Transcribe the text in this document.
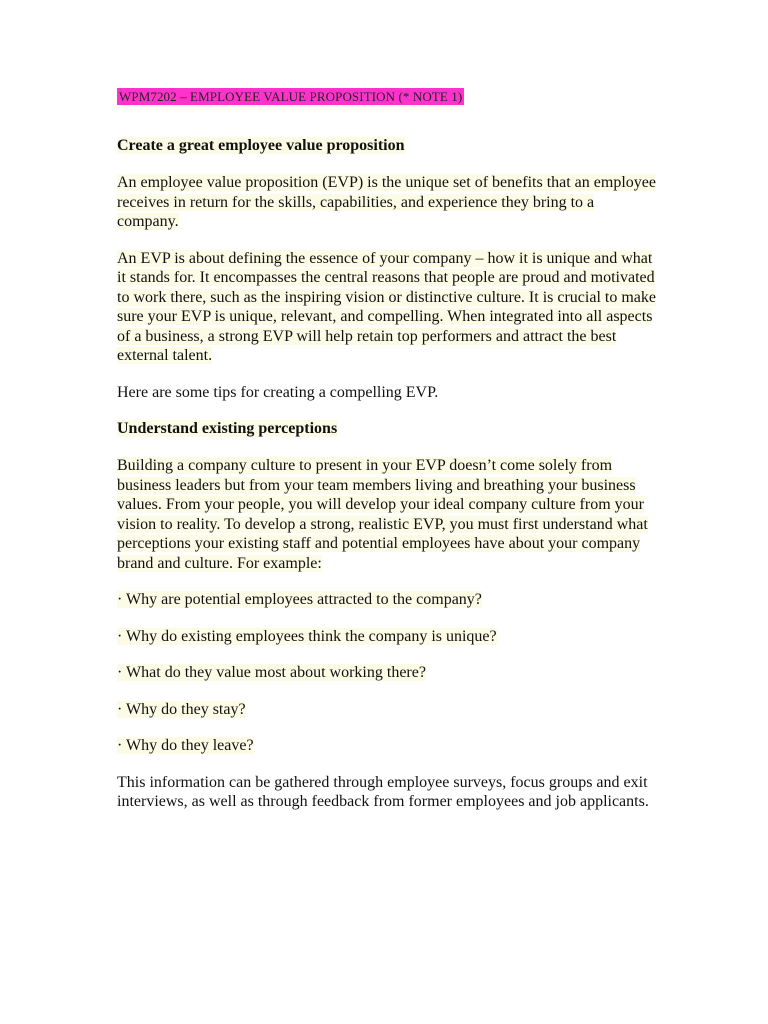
WPM7202 – EMPLOYEE VALUE PROPOSITION (* NOTE 1)
Create a great employee value proposition
An employee value proposition (EVP) is the unique set of benefits that an employee receives in return for the skills, capabilities, and experience they bring to a company.
An EVP is about defining the essence of your company – how it is unique and what it stands for. It encompasses the central reasons that people are proud and motivated to work there, such as the inspiring vision or distinctive culture. It is crucial to make sure your EVP is unique, relevant, and compelling. When integrated into all aspects of a business, a strong EVP will help retain top performers and attract the best external talent.
Here are some tips for creating a compelling EVP.
Understand existing perceptions
Building a company culture to present in your EVP doesn’t come solely from business leaders but from your team members living and breathing your business values. From your people, you will develop your ideal company culture from your vision to reality. To develop a strong, realistic EVP, you must first understand what perceptions your existing staff and potential employees have about your company brand and culture. For example:
· Why are potential employees attracted to the company?
· Why do existing employees think the company is unique?
· What do they value most about working there?
· Why do they stay?
· Why do they leave?
This information can be gathered through employee surveys, focus groups and exit interviews, as well as through feedback from former employees and job applicants.
